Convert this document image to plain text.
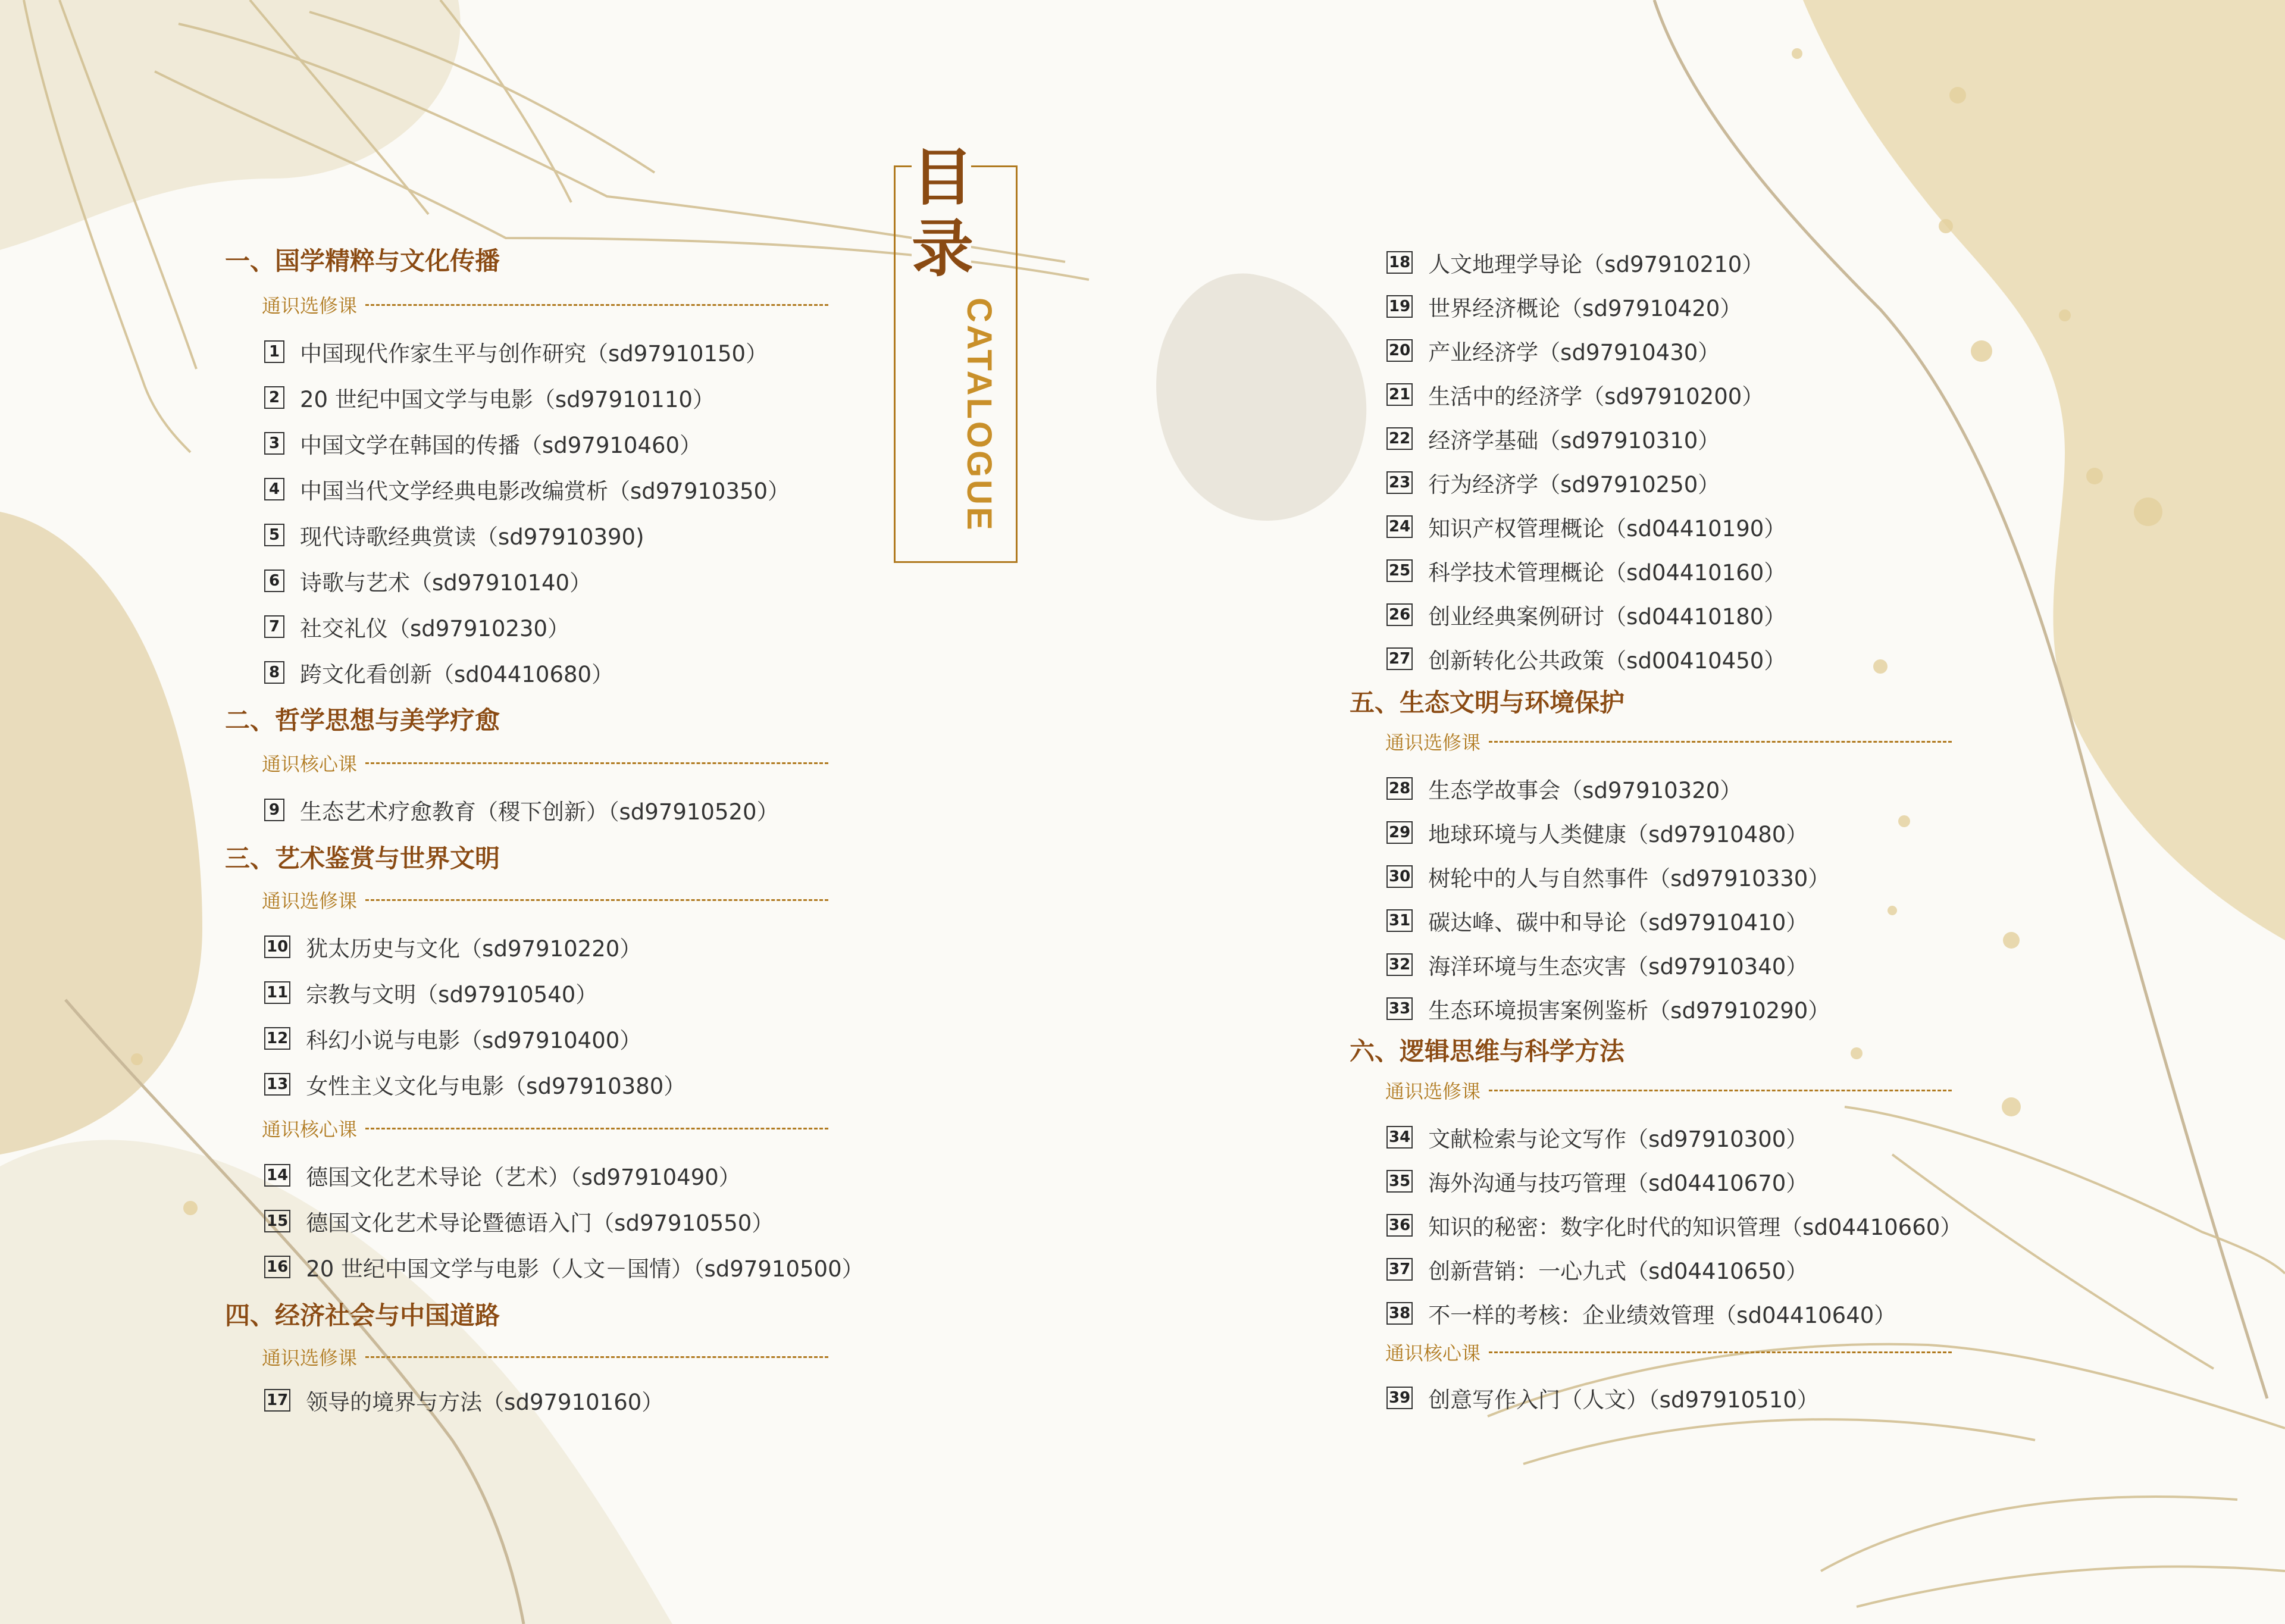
目
录
CATALOGUE
一、国学精粹与文化传播
通识选修课
1 中国现代作家生平与创作研究（sd97910150）
2 20 世纪中国文学与电影（sd97910110）
3 中国文学在韩国的传播（sd97910460）
4 中国当代文学经典电影改编赏析（sd97910350）
5 现代诗歌经典赏读（sd97910390)
6 诗歌与艺术（sd97910140）
7 社交礼仪（sd97910230）
8 跨文化看创新（sd04410680）
二、哲学思想与美学疗愈
通识核心课
9 生态艺术疗愈教育（稷下创新）（sd97910520）
三、艺术鉴赏与世界文明
通识选修课
10 犹太历史与文化（sd97910220）
11 宗教与文明（sd97910540）
12 科幻小说与电影（sd97910400）
13 女性主义文化与电影（sd97910380）
通识核心课
14 德国文化艺术导论（艺术）（sd97910490）
15 德国文化艺术导论暨德语入门（sd97910550）
16 20 世纪中国文学与电影（人文－国情）（sd97910500）
四、经济社会与中国道路
通识选修课
17 领导的境界与方法（sd97910160）
18 人文地理学导论（sd97910210）
19 世界经济概论（sd97910420）
20 产业经济学（sd97910430）
21 生活中的经济学（sd97910200）
22 经济学基础（sd97910310）
23 行为经济学（sd97910250）
24 知识产权管理概论（sd04410190）
25 科学技术管理概论（sd04410160）
26 创业经典案例研讨（sd04410180）
27 创新转化公共政策（sd00410450）
五、生态文明与环境保护
通识选修课
28 生态学故事会（sd97910320）
29 地球环境与人类健康（sd97910480）
30 树轮中的人与自然事件（sd97910330）
31 碳达峰、碳中和导论（sd97910410）
32 海洋环境与生态灾害（sd97910340）
33 生态环境损害案例鉴析（sd97910290）
六、逻辑思维与科学方法
通识选修课
34 文献检索与论文写作（sd97910300）
35 海外沟通与技巧管理（sd04410670）
36 知识的秘密：数字化时代的知识管理（sd04410660）
37 创新营销：一心九式（sd04410650）
38 不一样的考核：企业绩效管理（sd04410640）
通识核心课
39 创意写作入门（人文）（sd97910510）
